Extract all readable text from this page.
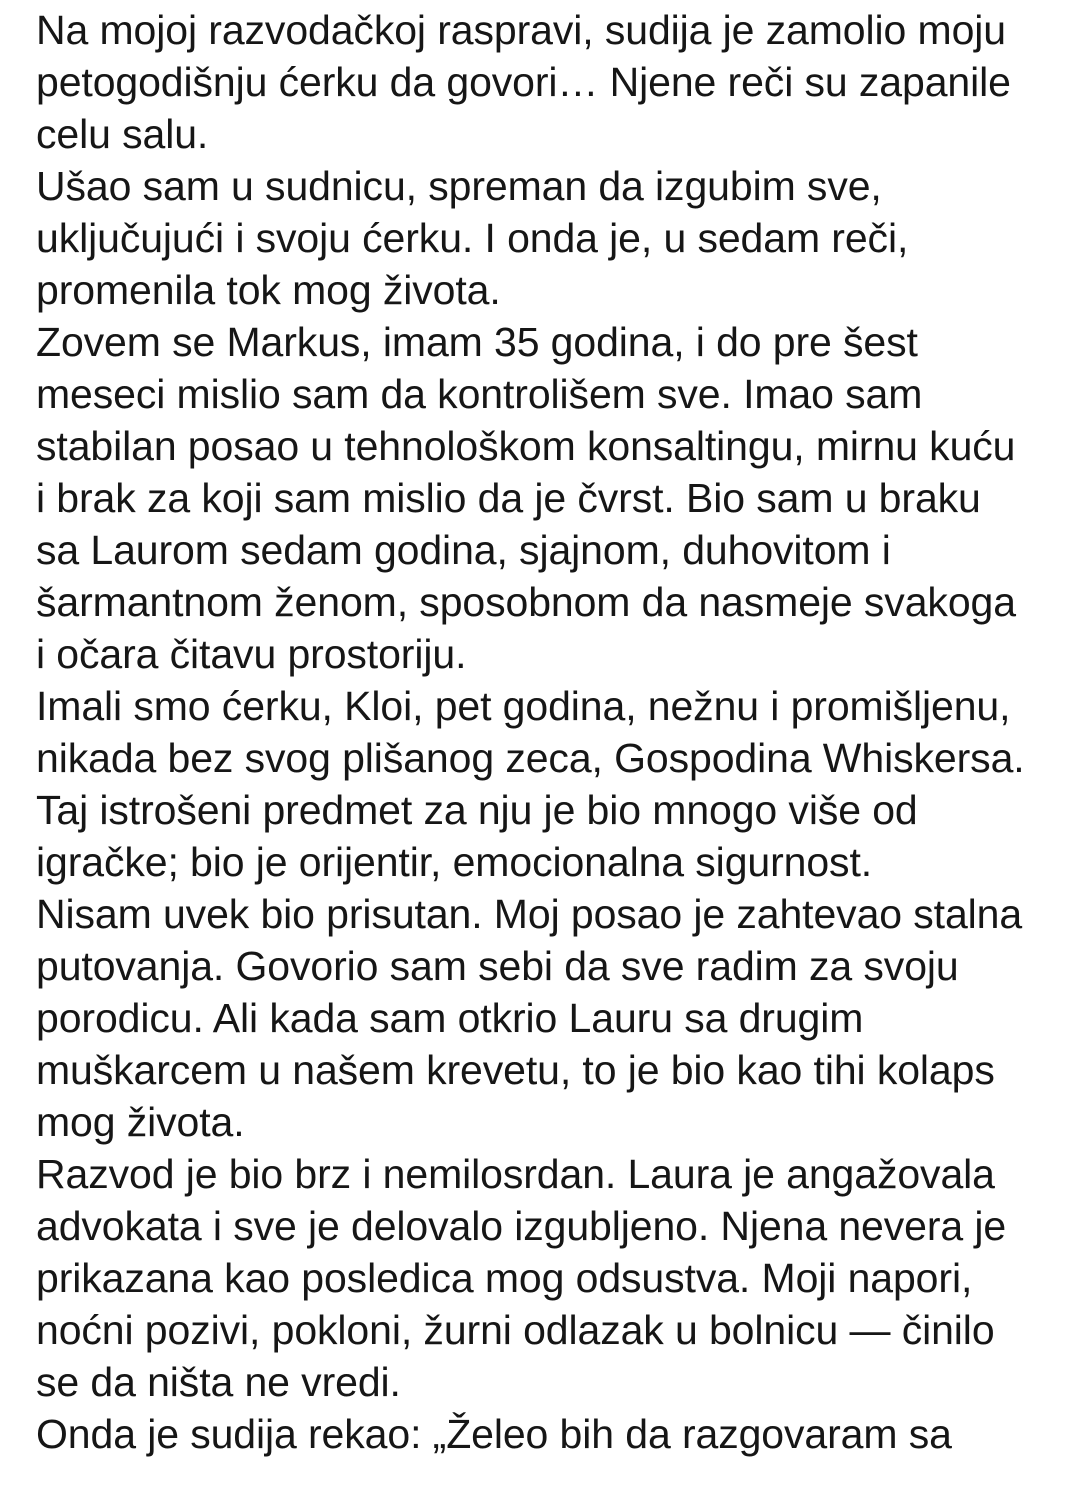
Na mojoj razvodačkoj raspravi, sudija je zamolio moju petogodišnju ćerku da govori… Njene reči su zapanile celu salu.

Ušao sam u sudnicu, spreman da izgubim sve, uključujući i svoju ćerku. I onda je, u sedam reči, promenila tok mog života.

Zovem se Markus, imam 35 godina, i do pre šest meseci mislio sam da kontrolišem sve. Imao sam stabilan posao u tehnološkom konsaltingu, mirnu kuću i brak za koji sam mislio da je čvrst. Bio sam u braku sa Laurom sedam godina, sjajnom, duhovitom i šarmantnom ženom, sposobnom da nasmeje svakoga i očara čitavu prostoriju.

Imali smo ćerku, Kloi, pet godina, nežnu i promišljenu, nikada bez svog plišanog zeca, Gospodina Whiskersa. Taj istrošeni predmet za nju je bio mnogo više od igračke; bio je orijentir, emocionalna sigurnost.

Nisam uvek bio prisutan. Moj posao je zahtevao stalna putovanja. Govorio sam sebi da sve radim za svoju porodicu. Ali kada sam otkrio Lauru sa drugim muškarcem u našem krevetu, to je bio kao tihi kolaps mog života.

Razvod je bio brz i nemilosrdan. Laura je angažovala advokata i sve je delovalo izgubljeno. Njena nevera je prikazana kao posledica mog odsustva. Moji napori, noćni pozivi, pokloni, žurni odlazak u bolnicu — činilo se da ništa ne vredi.

Onda je sudija rekao: „Želeo bih da razgovaram sa
